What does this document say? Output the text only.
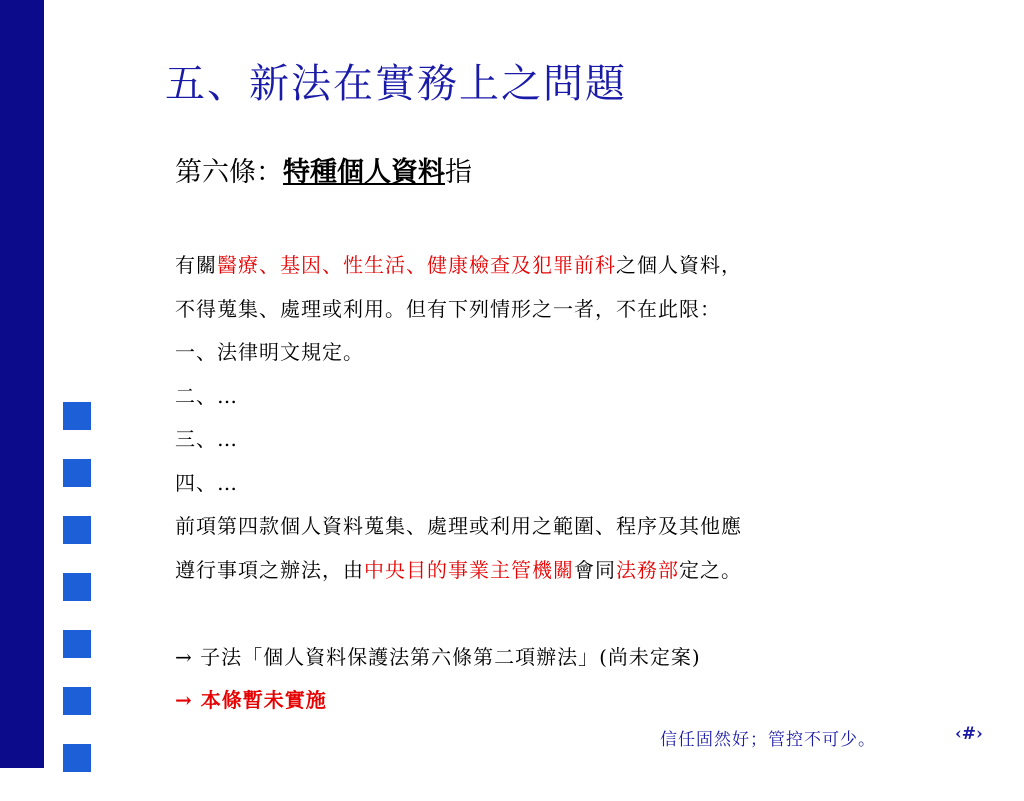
五、新法在實務上之問題
第六條：特種個人資料指
有關醫療、基因、性生活、健康檢查及犯罪前科之個人資料，
不得蒐集、處理或利用。但有下列情形之一者，不在此限：
一、法律明文規定。
二、…
三、…
四、…
前項第四款個人資料蒐集、處理或利用之範圍、程序及其他應
遵行事項之辦法，由中央目的事業主管機關會同法務部定之。
→ 子法「個人資料保護法第六條第二項辦法」(尚未定案)
→ 本條暫未實施
信任固然好；管控不可少。	‹#›
